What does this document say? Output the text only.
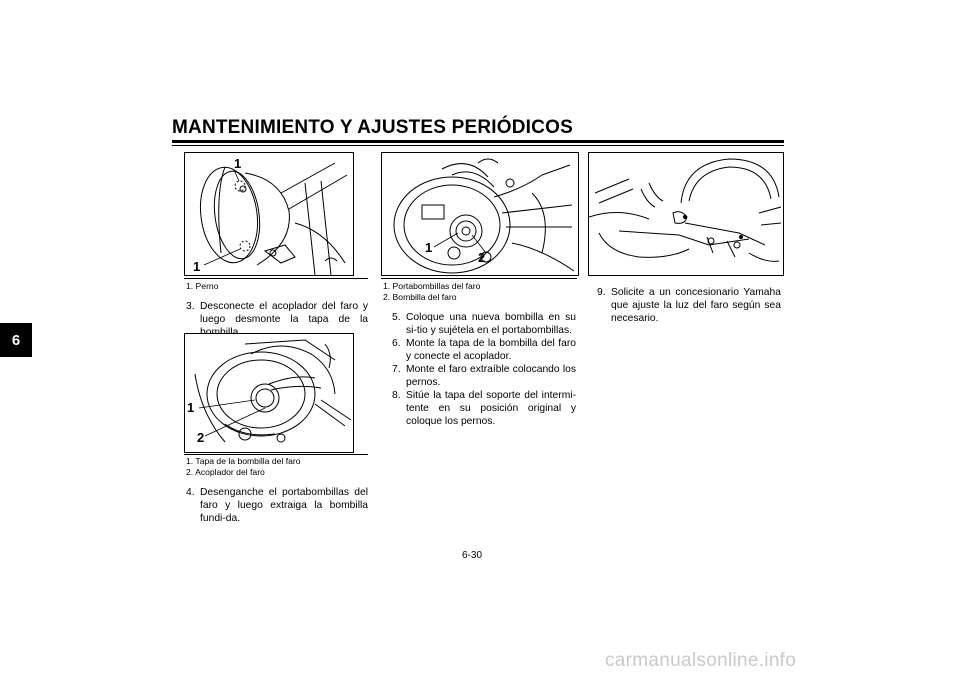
MANTENIMIENTO Y AJUSTES PERIÓDICOS
6
1
1
1. Perno
3. Desconecte el acoplador del faro y luego desmonte la tapa de la

1
2
1. Tapa de la bombilla del faro
2. Acoplador del faro
4. Desenganche el portabombillas del faro y luego extraiga la bombilla fundi-da.

1
2
1. Portabombillas del faro
2. Bombilla del faro
5. Coloque una nueva bombilla en su si-tio y sujétela en el portabombillas.

6. Monte la tapa de la bombilla del faro y conecte el acoplador.

7. Monte el faro extraíble colocando los pernos.

8. Sitúe la tapa del soporte del intermi-tente en su posición original y coloque los pernos.

9. Solicite a un concesionario Yamaha que ajuste la luz del faro según sea necesario.

6-30
carmanualsonline.info
